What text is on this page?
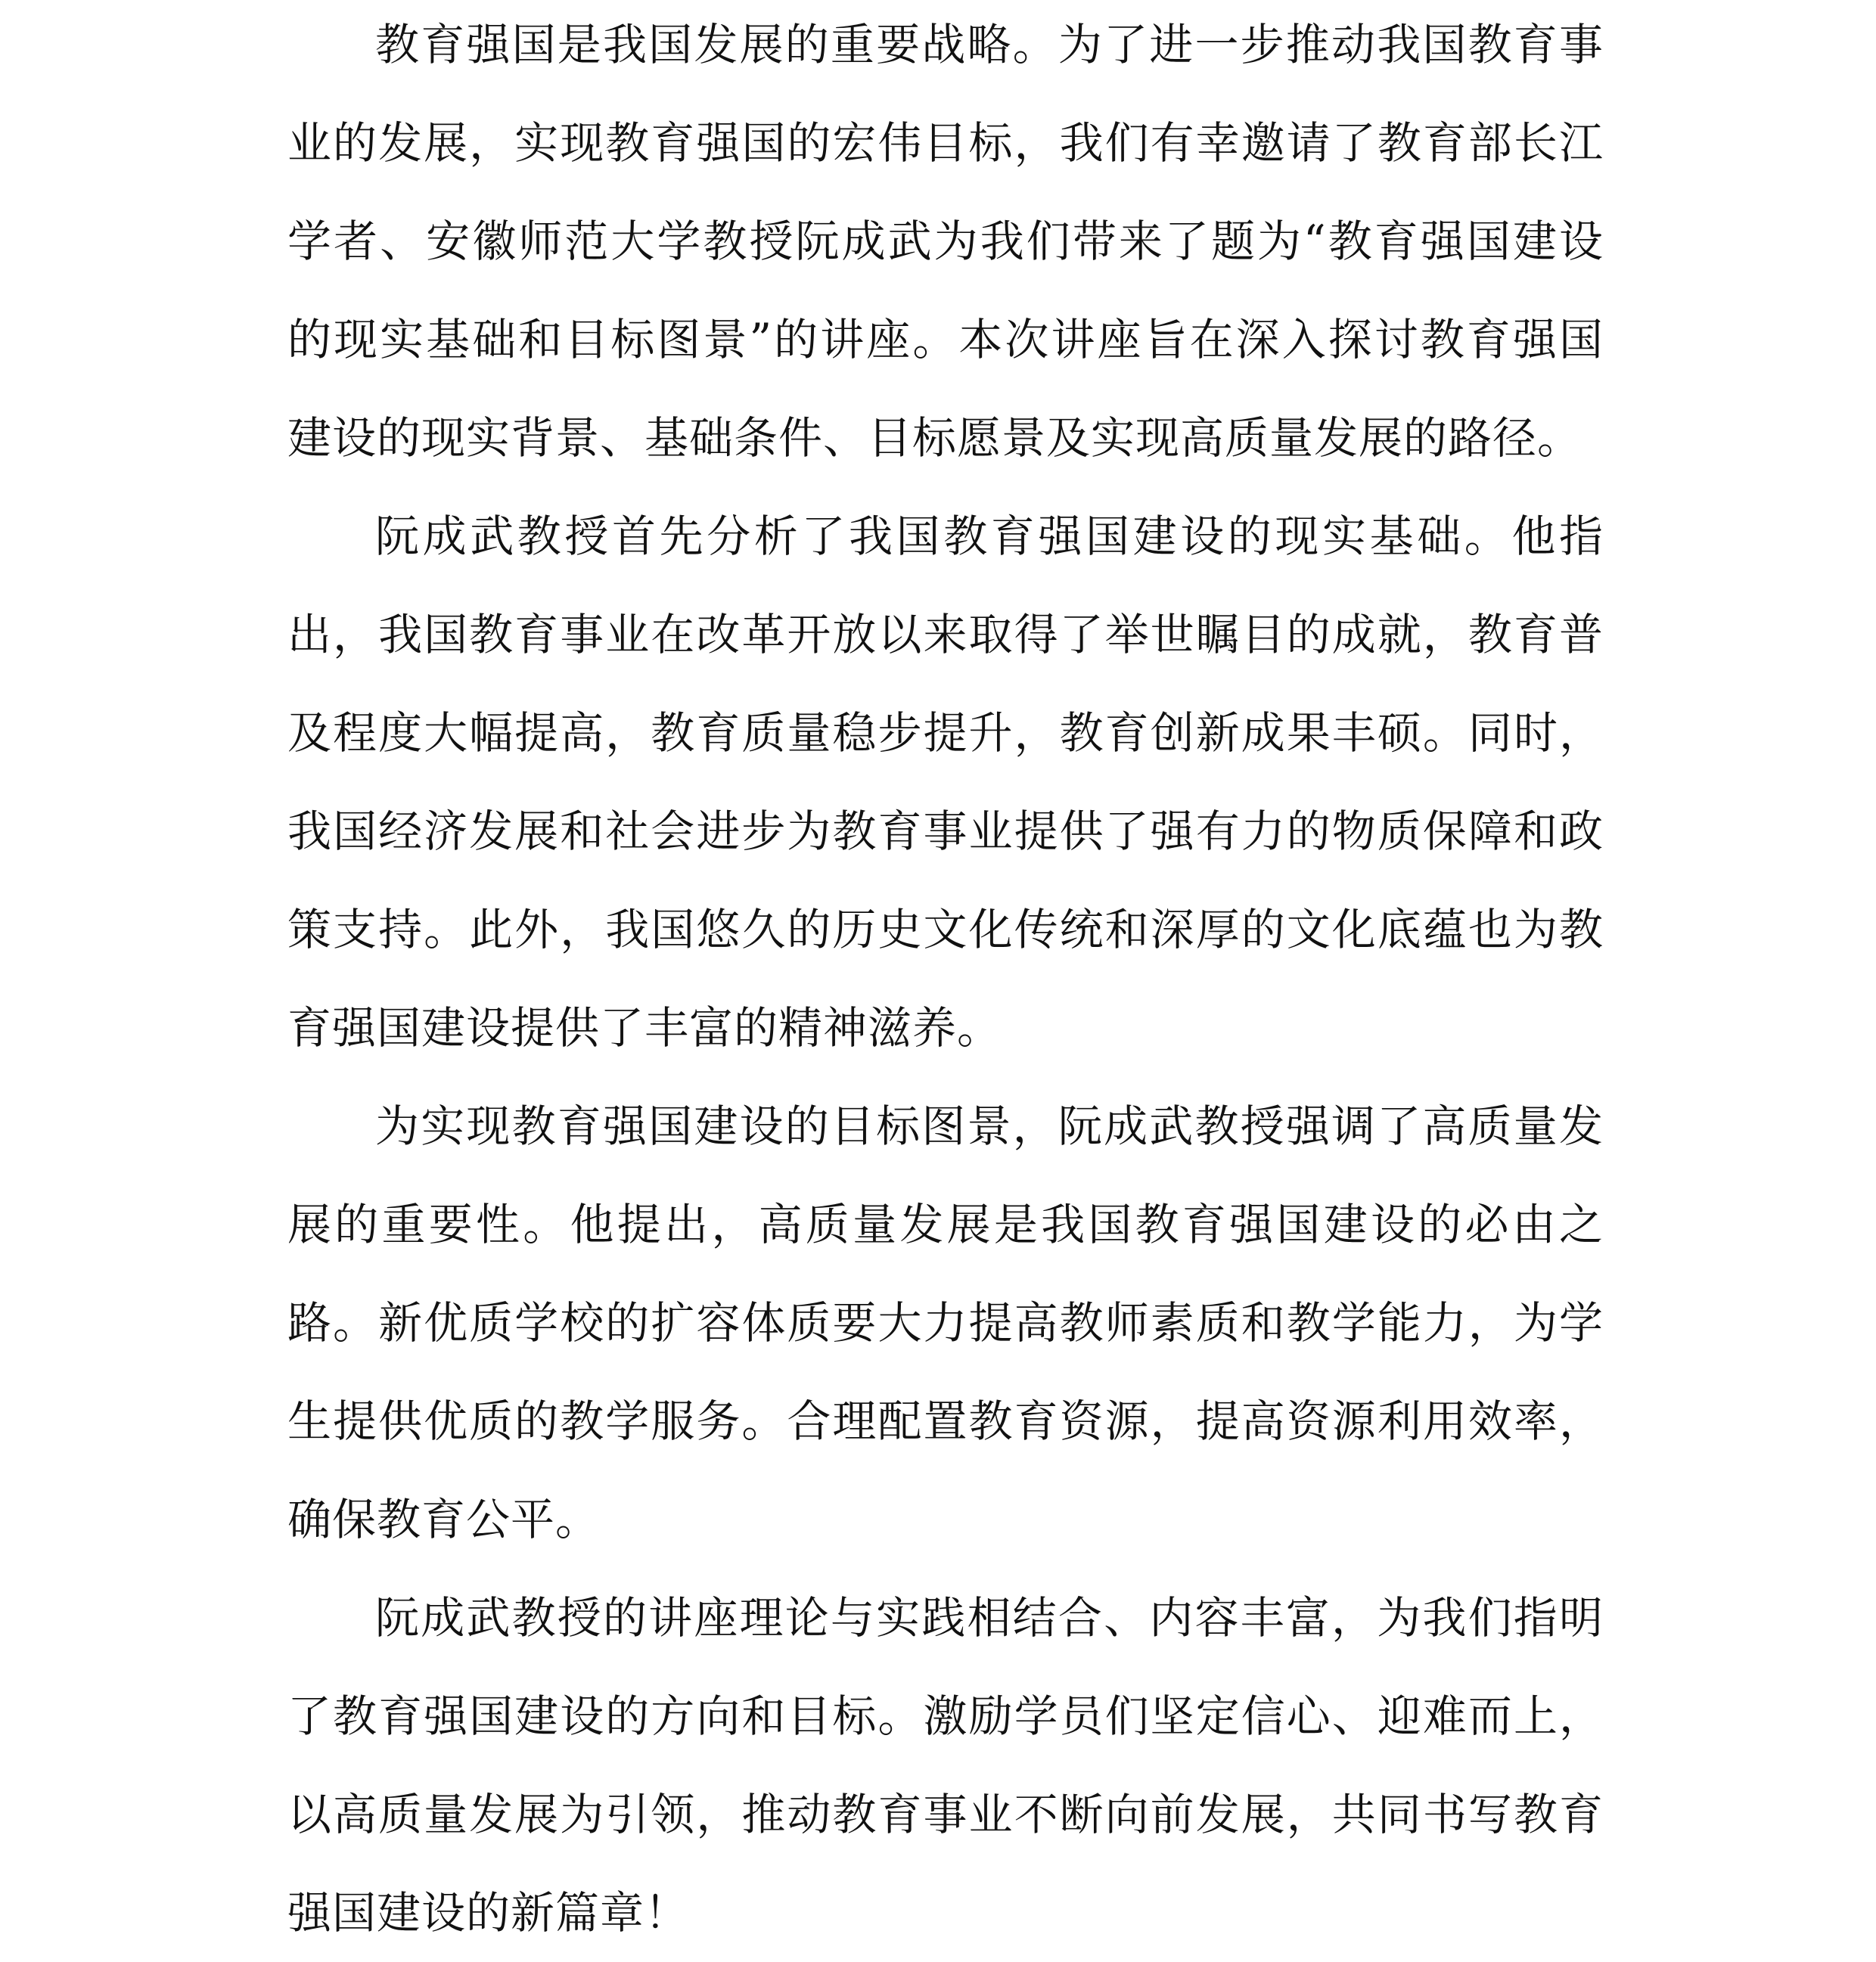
教育强国是我国发展的重要战略。为了进一步推动我国教育事业的发展，实现教育强国的宏伟目标，我们有幸邀请了教育部长江学者、安徽师范大学教授阮成武为我们带来了题为“教育强国建设的现实基础和目标图景”的讲座。本次讲座旨在深入探讨教育强国建设的现实背景、基础条件、目标愿景及实现高质量发展的路径。

阮成武教授首先分析了我国教育强国建设的现实基础。他指出，我国教育事业在改革开放以来取得了举世瞩目的成就，教育普及程度大幅提高，教育质量稳步提升，教育创新成果丰硕。同时，我国经济发展和社会进步为教育事业提供了强有力的物质保障和政策支持。此外，我国悠久的历史文化传统和深厚的文化底蕴也为教育强国建设提供了丰富的精神滋养。

为实现教育强国建设的目标图景，阮成武教授强调了高质量发展的重要性。他提出，高质量发展是我国教育强国建设的必由之路。新优质学校的扩容体质要大力提高教师素质和教学能力，为学生提供优质的教学服务。合理配置教育资源，提高资源利用效率，确保教育公平。

阮成武教授的讲座理论与实践相结合、内容丰富，为我们指明了教育强国建设的方向和目标。激励学员们坚定信心、迎难而上，以高质量发展为引领，推动教育事业不断向前发展，共同书写教育强国建设的新篇章！
